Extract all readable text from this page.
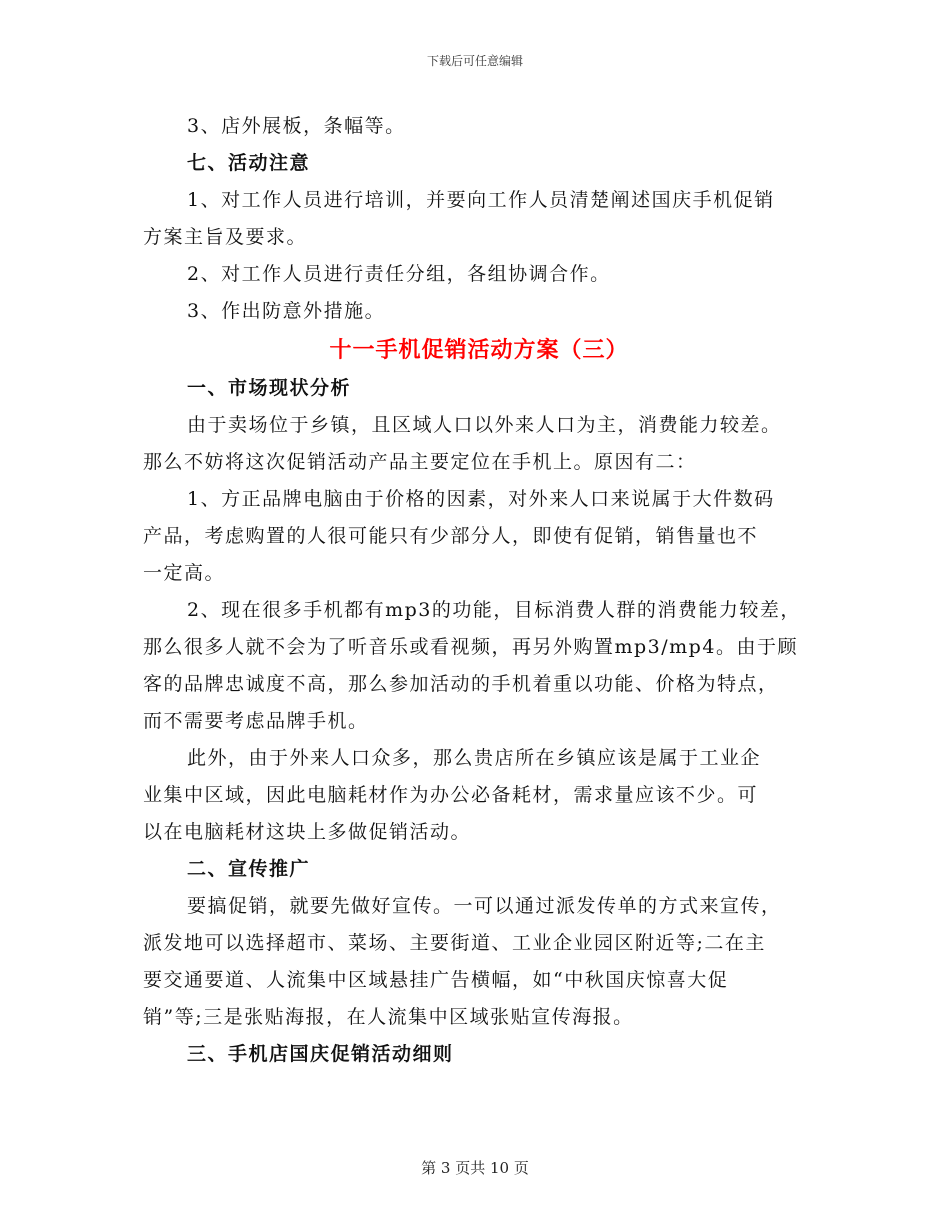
下载后可任意编辑
3、店外展板，条幅等。
七、活动注意
1、对工作人员进行培训，并要向工作人员清楚阐述国庆手机促销
方案主旨及要求。
2、对工作人员进行责任分组，各组协调合作。
3、作出防意外措施。
十一手机促销活动方案（三）
一、市场现状分析
由于卖场位于乡镇，且区域人口以外来人口为主，消费能力较差。
那么不妨将这次促销活动产品主要定位在手机上。原因有二：
1、方正品牌电脑由于价格的因素，对外来人口来说属于大件数码
产品，考虑购置的人很可能只有少部分人，即使有促销，销售量也不
一定高。
2、现在很多手机都有mp3的功能，目标消费人群的消费能力较差，
那么很多人就不会为了听音乐或看视频，再另外购置mp3/mp4。由于顾
客的品牌忠诚度不高，那么参加活动的手机着重以功能、价格为特点，
而不需要考虑品牌手机。
此外，由于外来人口众多，那么贵店所在乡镇应该是属于工业企
业集中区域，因此电脑耗材作为办公必备耗材，需求量应该不少。可
以在电脑耗材这块上多做促销活动。
二、宣传推广
要搞促销，就要先做好宣传。一可以通过派发传单的方式来宣传，
派发地可以选择超市、菜场、主要街道、工业企业园区附近等;二在主
要交通要道、人流集中区域悬挂广告横幅，如“中秋国庆惊喜大促
销”等;三是张贴海报，在人流集中区域张贴宣传海报。
三、手机店国庆促销活动细则
第 3 页共 10 页
